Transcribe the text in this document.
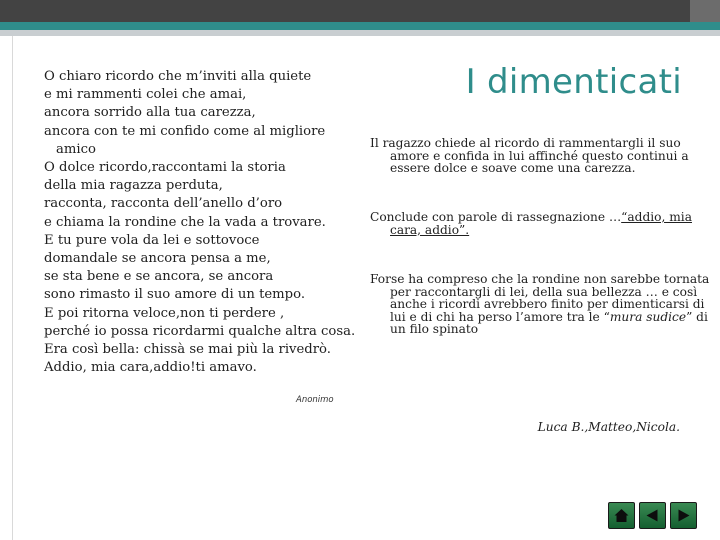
O chiaro ricordo che m’inviti alla quiete
e mi rammenti colei che amai,
ancora sorrido alla tua carezza,
ancora con te mi confido come al migliore amico
O dolce ricordo,raccontami la storia
della mia ragazza perduta,
racconta, racconta dell’anello d’oro
e chiama la rondine che la vada a trovare.
E tu pure vola da lei e sottovoce
domandale se ancora pensa a me,
se sta bene e se ancora, se ancora
sono rimasto il suo amore di un tempo.
E poi ritorna veloce,non ti perdere ,
perché io possa ricordarmi qualche altra cosa.
Era così bella: chissà se mai più la rivedrò.
Addio, mia cara,addio!ti amavo.
Anonimo
I dimenticati
Il ragazzo chiede al ricordo di rammentargli il suo amore e confida in lui affinché questo continui a essere dolce e soave come una carezza.
Conclude con parole di rassegnazione …“addio, mia cara, addio”.
Forse ha compreso che la rondine non sarebbe tornata per raccontargli di lei, della sua bellezza … e così anche i ricordi avrebbero finito per dimenticarsi di lui e di chi ha perso l’amore tra le “mura sudice” di un filo spinato
Luca B.,Matteo,Nicola.
